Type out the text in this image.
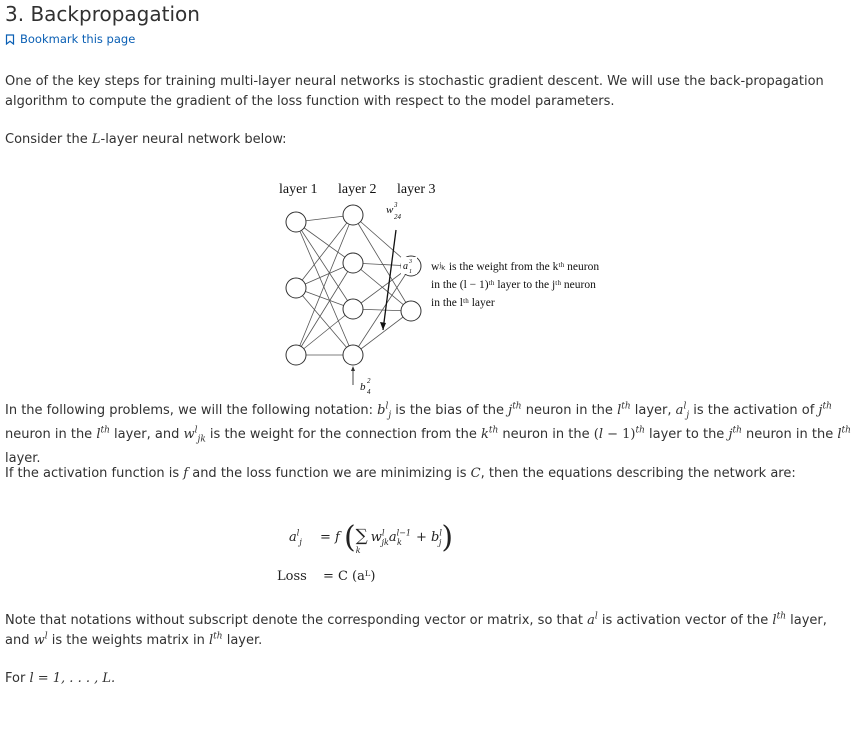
3. Backpropagation
Bookmark this page

One of the key steps for training multi-layer neural networks is stochastic gradient descent. We will use the back-propagation algorithm to compute the gradient of the loss function with respect to the model parameters.

Consider the L-layer neural network below:

layer 1 layer 2 layer 3
w 3
24
a 3
1
b 2
4
wʲₖ is the weight from the kᵗʰ neuron
in the (l − 1)ᵗʰ layer to the jᵗʰ neuron
in the lᵗʰ layer

In the following problems, we will the following notation: $b^l_j$ is the bias of the $j^{th}$ neuron in the $l^{th}$ layer, $a^l_j$ is the activation of $j^{th}$ neuron in the $l^{th}$ layer, and $w^l_{jk}$ is the weight for the connection from the $k^{th}$ neuron in the $(l - 1)^{th}$ layer to the $j^{th}$ neuron in the $l^{th}$ layer.

If the activation function is f and the loss function we are minimizing is C, then the equations describing the network are:

$a^l_j = f$ ($\sum_k$ $w^l_{jk}a^{l-1}_k + b^l_j$)
Loss = C (aᴸ)

Note that notations without subscript denote the corresponding vector or matrix, so that $a^l$ is activation vector of the $l^{th}$ layer, and $w^l$ is the weights matrix in $l^{th}$ layer.

For l = 1, . . . , L.
